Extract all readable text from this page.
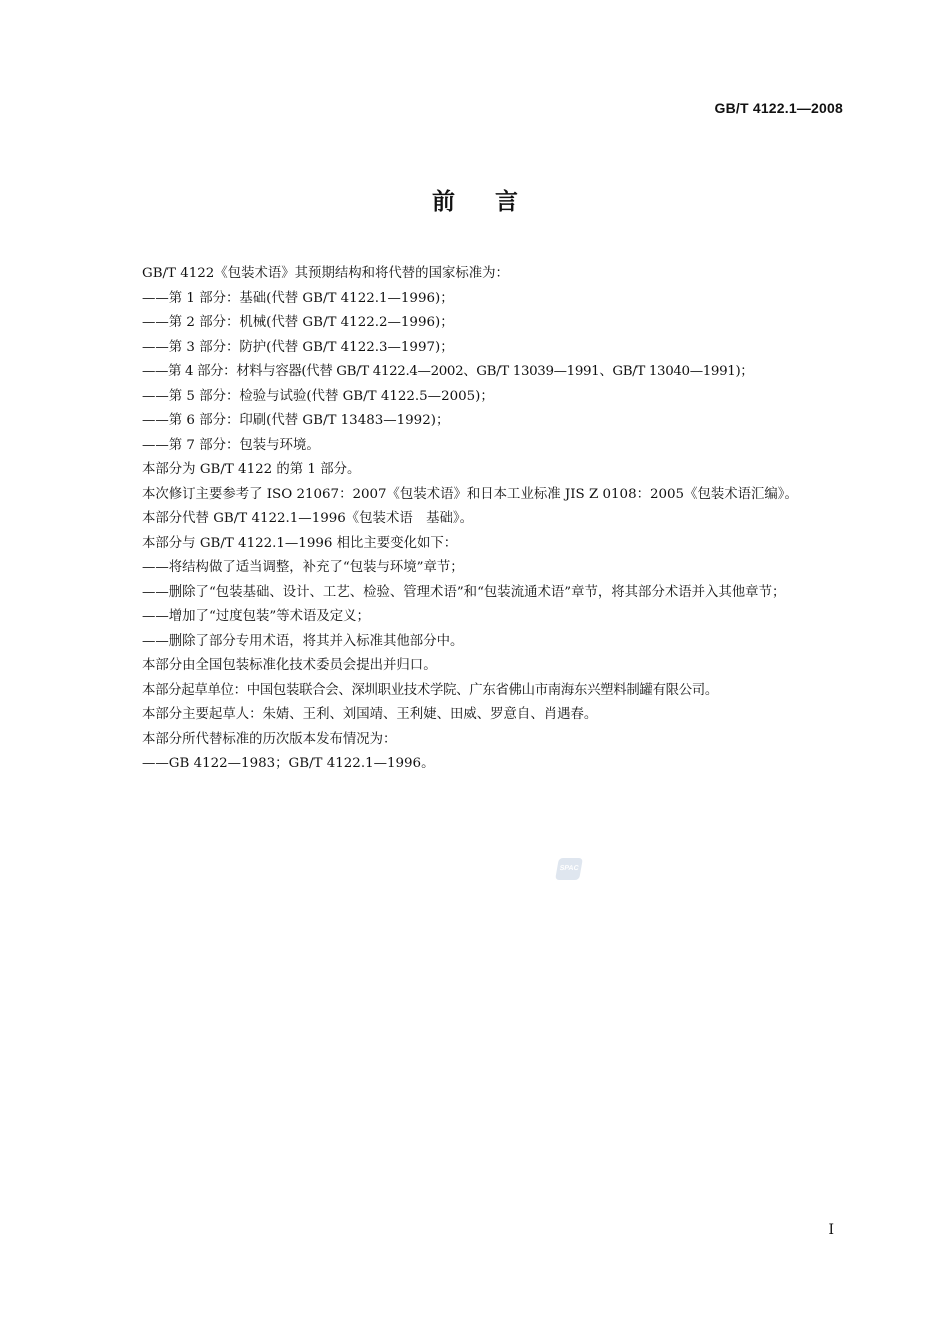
GB/T 4122.1—2008
前言

GB/T 4122《包装术语》其预期结构和将代替的国家标准为：

——第 1 部分：基础(代替 GB/T 4122.1—1996)；

——第 2 部分：机械(代替 GB/T 4122.2—1996)；

——第 3 部分：防护(代替 GB/T 4122.3—1997)；

——第 4 部分：材料与容器(代替 GB/T 4122.4—2002、GB/T 13039—1991、GB/T 13040—1991)；

——第 5 部分：检验与试验(代替 GB/T 4122.5—2005)；

——第 6 部分：印刷(代替 GB/T 13483—1992)；

——第 7 部分：包装与环境。

本部分为 GB/T 4122 的第 1 部分。

本次修订主要参考了 ISO 21067：2007《包装术语》和日本工业标准 JIS Z 0108：2005《包装术语汇编》。

本部分代替 GB/T 4122.1—1996《包装术语　基础》。

本部分与 GB/T 4122.1—1996 相比主要变化如下：

——将结构做了适当调整，补充了“包装与环境”章节；

——删除了“包装基础、设计、工艺、检验、管理术语”和“包装流通术语”章节，将其部分术语并入其他章节；

——增加了“过度包装”等术语及定义；

——删除了部分专用术语，将其并入标准其他部分中。

本部分由全国包装标准化技术委员会提出并归口。

本部分起草单位：中国包装联合会、深圳职业技术学院、广东省佛山市南海东兴塑料制罐有限公司。

本部分主要起草人：朱婧、王利、刘国靖、王利婕、田威、罗意自、肖遇春。

本部分所代替标准的历次版本发布情况为：

——GB 4122—1983；GB/T 4122.1—1996。

SPAC
I
